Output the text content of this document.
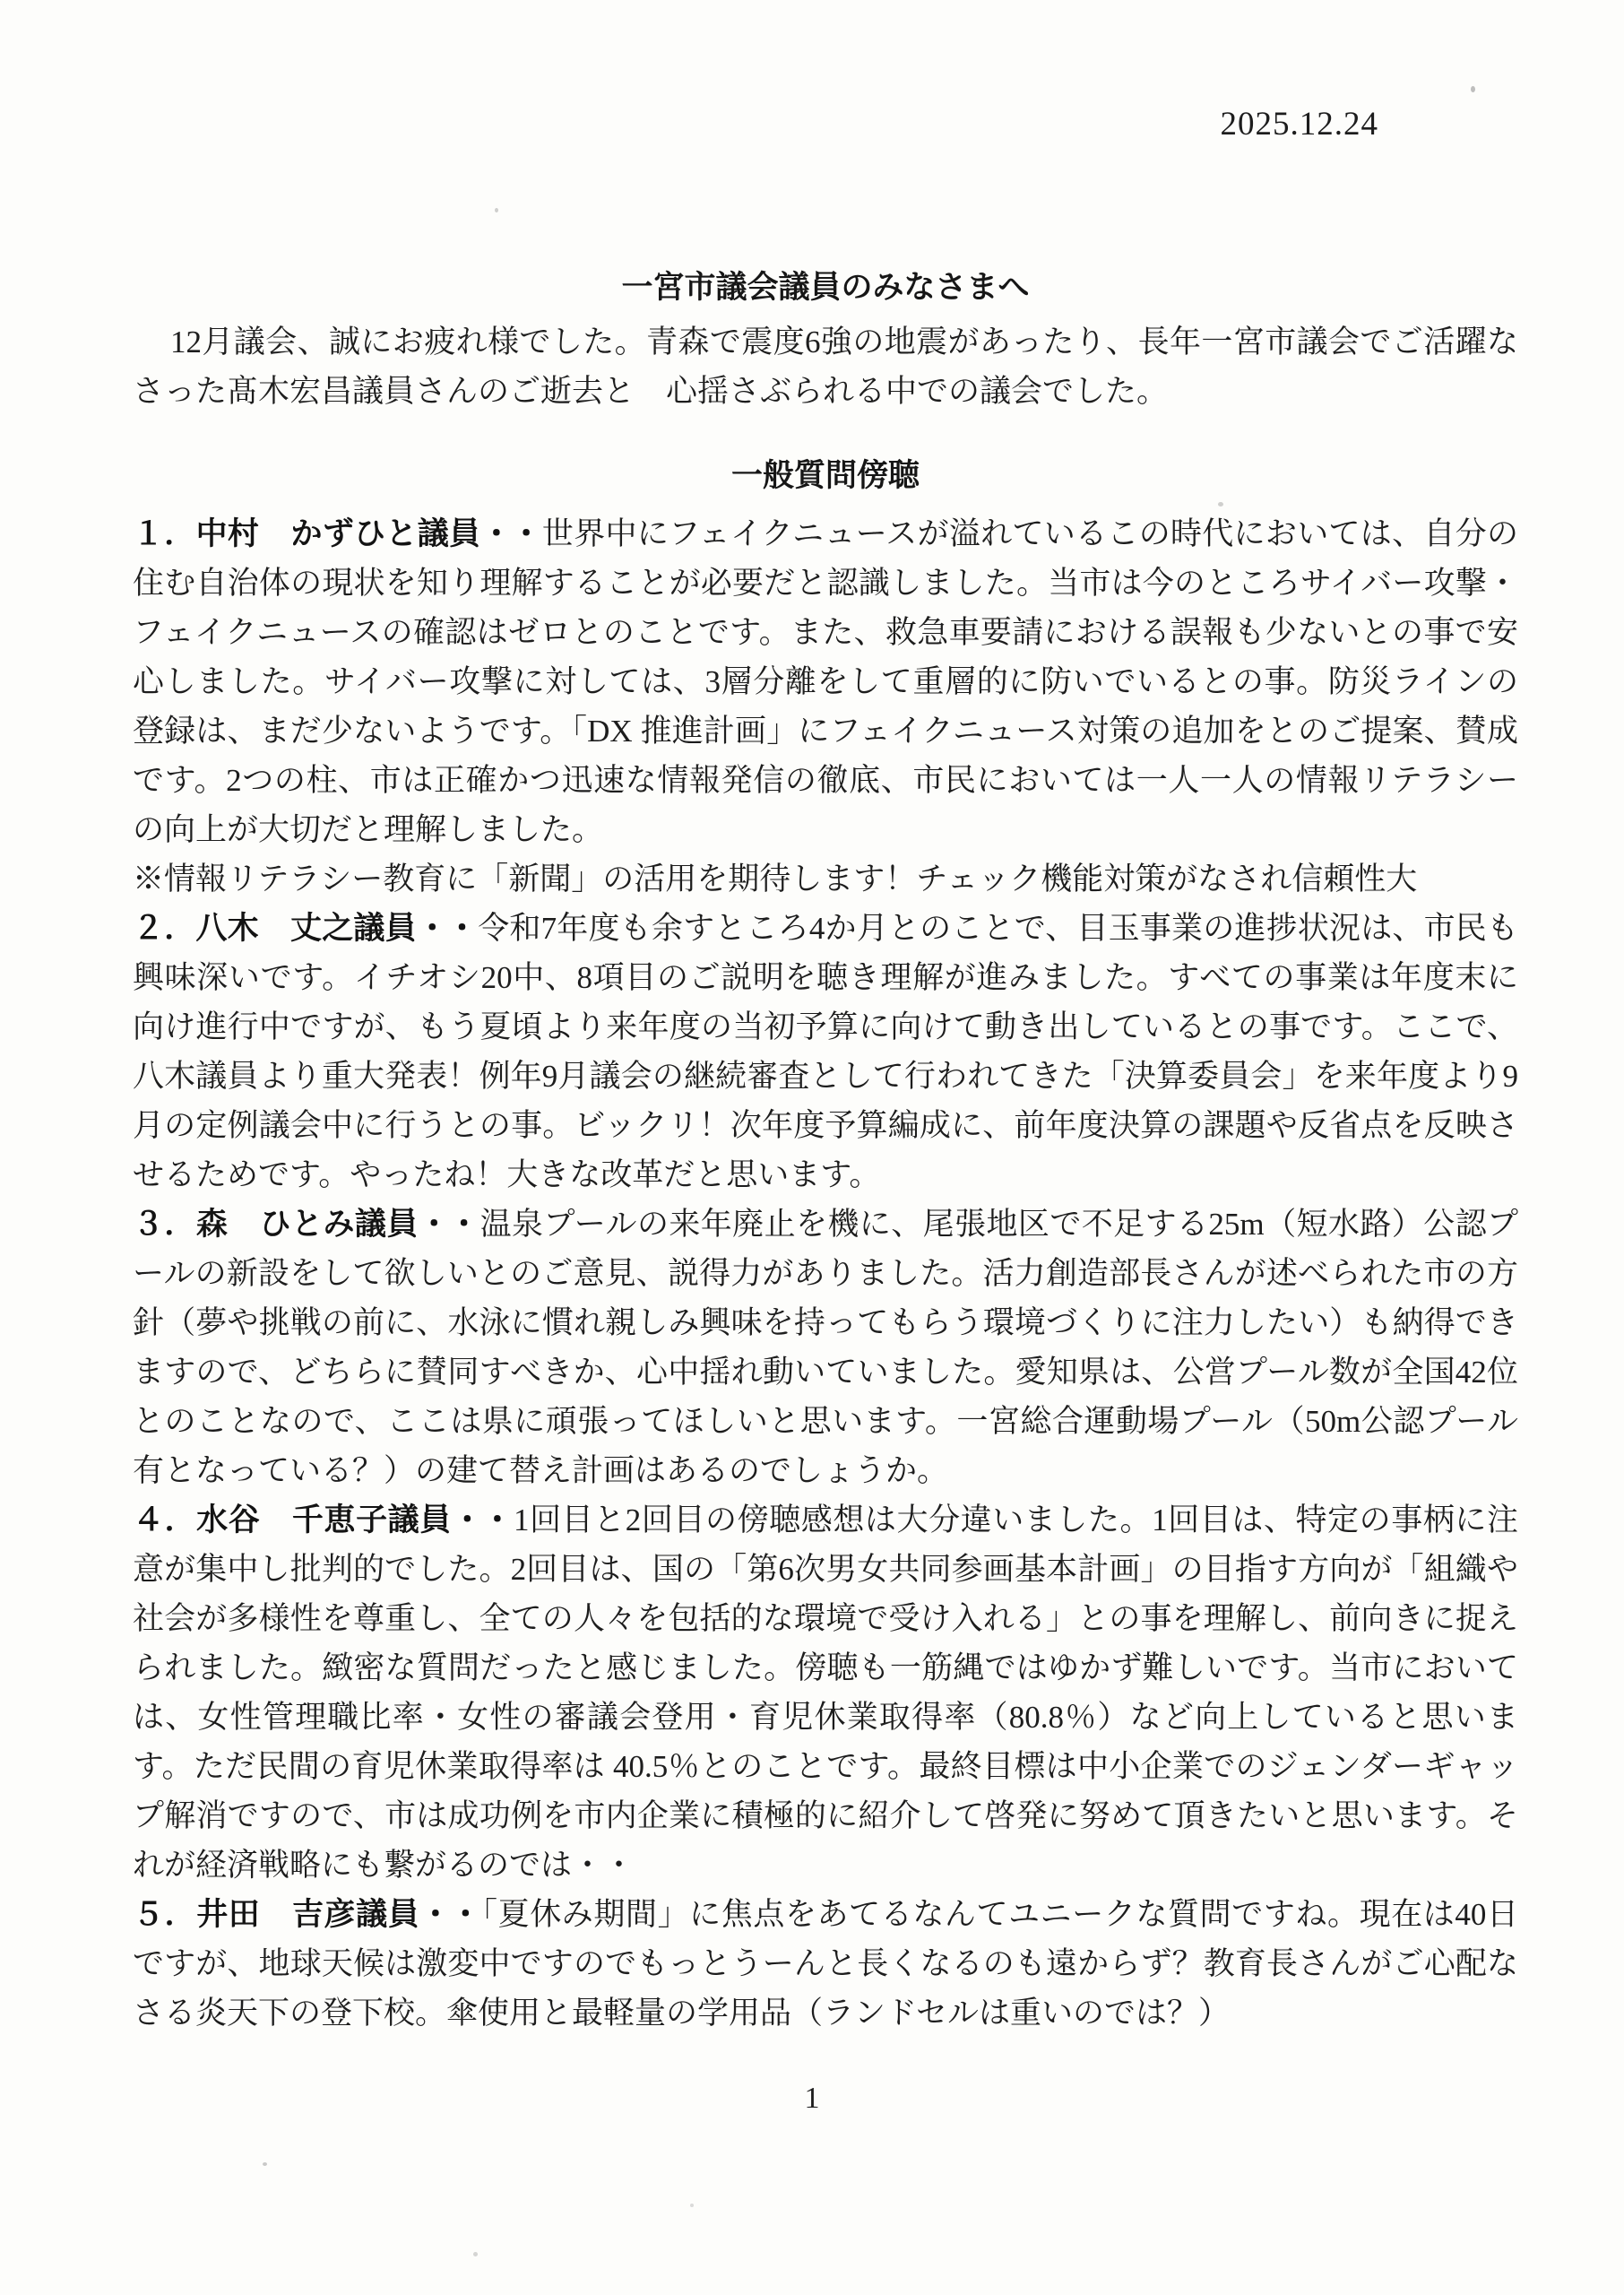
2025.12.24
一宮市議会議員のみなさまへ

12月議会、誠にお疲れ様でした。青森で震度6強の地震があったり、長年一宮市議会でご活躍なさった髙木宏昌議員さんのご逝去と　心揺さぶられる中での議会でした。

一般質問傍聴

１．中村　かずひと議員・・世界中にフェイクニュースが溢れているこの時代においては、自分の住む自治体の現状を知り理解することが必要だと認識しました。当市は今のところサイバー攻撃・フェイクニュースの確認はゼロとのことです。また、救急車要請における誤報も少ないとの事で安心しました。サイバー攻撃に対しては、3層分離をして重層的に防いでいるとの事。防災ラインの登録は、まだ少ないようです。「DX 推進計画」にフェイクニュース対策の追加をとのご提案、賛成です。2つの柱、市は正確かつ迅速な情報発信の徹底、市民においては一人一人の情報リテラシーの向上が大切だと理解しました。

※情報リテラシー教育に「新聞」の活用を期待します！チェック機能対策がなされ信頼性大

２．八木　丈之議員・・令和7年度も余すところ4か月とのことで、目玉事業の進捗状況は、市民も興味深いです。イチオシ20中、8項目のご説明を聴き理解が進みました。すべての事業は年度末に向け進行中ですが、もう夏頃より来年度の当初予算に向けて動き出しているとの事です。ここで、八木議員より重大発表！例年9月議会の継続審査として行われてきた「決算委員会」を来年度より9月の定例議会中に行うとの事。ビックリ！次年度予算編成に、前年度決算の課題や反省点を反映させるためです。やったね！大きな改革だと思います。

３．森　ひとみ議員・・温泉プールの来年廃止を機に、尾張地区で不足する25m（短水路）公認プールの新設をして欲しいとのご意見、説得力がありました。活力創造部長さんが述べられた市の方針（夢や挑戦の前に、水泳に慣れ親しみ興味を持ってもらう環境づくりに注力したい）も納得できますので、どちらに賛同すべきか、心中揺れ動いていました。愛知県は、公営プール数が全国42位とのことなので、ここは県に頑張ってほしいと思います。一宮総合運動場プール（50m公認プール有となっている？）の建て替え計画はあるのでしょうか。

４．水谷　千恵子議員・・1回目と2回目の傍聴感想は大分違いました。1回目は、特定の事柄に注意が集中し批判的でした。2回目は、国の「第6次男女共同参画基本計画」の目指す方向が「組織や社会が多様性を尊重し、全ての人々を包括的な環境で受け入れる」との事を理解し、前向きに捉えられました。緻密な質問だったと感じました。傍聴も一筋縄ではゆかず難しいです。当市においては、女性管理職比率・女性の審議会登用・育児休業取得率（80.8％）など向上していると思います。ただ民間の育児休業取得率は 40.5％とのことです。最終目標は中小企業でのジェンダーギャップ解消ですので、市は成功例を市内企業に積極的に紹介して啓発に努めて頂きたいと思います。それが経済戦略にも繋がるのでは・・

５．井田　吉彦議員・・「夏休み期間」に焦点をあてるなんてユニークな質問ですね。現在は40日ですが、地球天候は激変中ですのでもっとうーんと長くなるのも遠からず？教育長さんがご心配なさる炎天下の登下校。傘使用と最軽量の学用品（ランドセルは重いのでは？）

1
